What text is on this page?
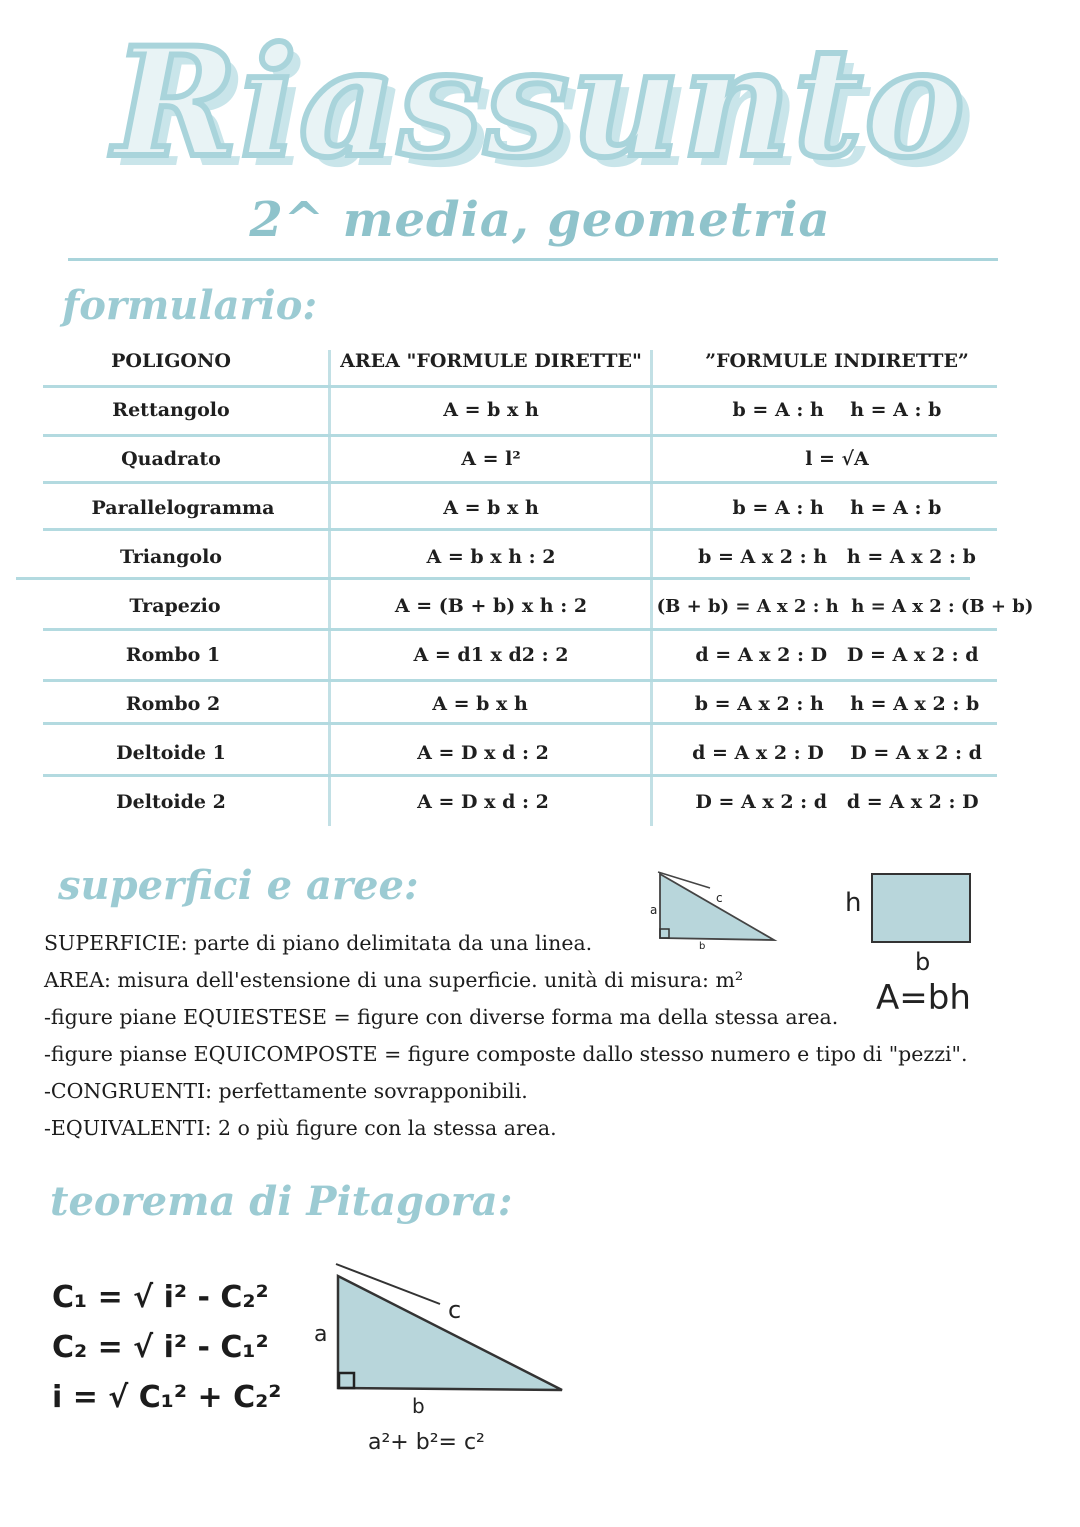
Riassunto
2^ media, geometria
formulario:
POLIGONO	AREA "FORMULE DIRETTE"	”FORMULE INDIRETTE”
Rettangolo	A = b x h	b = A : h    h = A : b
Quadrato	A = l²	l = √A
Parallelogramma	A = b x h	b = A : h    h = A : b
Triangolo	A = b x h : 2	b = A x 2 : h   h = A x 2 : b
Trapezio	A = (B + b) x h : 2	(B + b) = A x 2 : h  h = A x 2 : (B + b)
Rombo 1	A = d1 x d2 : 2	d = A x 2 : D   D = A x 2 : d
Rombo 2	A = b x h	b = A x 2 : h    h = A x 2 : b
Deltoide 1	A = D x d : 2	d = A x 2 : D    D = A x 2 : d
Deltoide 2	A = D x d : 2	D = A x 2 : d   d = A x 2 : D
superfici e aree:
a
c
b
h
b
A=bh
SUPERFICIE: parte di piano delimitata da una linea.
AREA: misura dell'estensione di una superficie. unità di misura: m²
-figure piane EQUIESTESE = figure con diverse forma ma della stessa area.
-figure pianse EQUICOMPOSTE = figure composte dallo stesso numero e tipo di "pezzi".
-CONGRUENTI: perfettamente sovrapponibili.
-EQUIVALENTI: 2 o più figure con la stessa area.
teorema di Pitagora:
C₁ = √ i² - C₂²
C₂ = √ i² - C₁²
i = √ C₁² + C₂²
a
c
b
a²+ b²= c²
